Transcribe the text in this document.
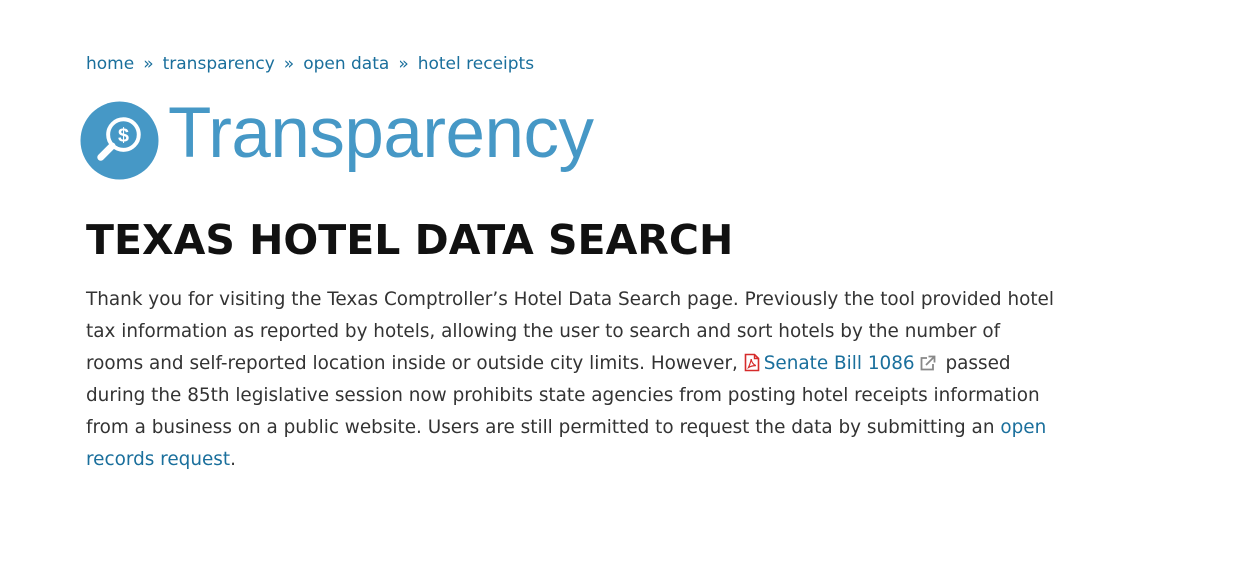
home » transparency » open data » hotel receipts
$ Transparency
TEXAS HOTEL DATA SEARCH

Thank you for visiting the Texas Comptroller’s Hotel Data Search page. Previously the tool provided hotel tax information as reported by hotels, allowing the user to search and sort hotels by the number of rooms and self-reported location inside or outside city limits. However, Senate Bill 1086 passed during the 85th legislative session now prohibits state agencies from posting hotel receipts information from a business on a public website. Users are still permitted to request the data by submitting an open records request.
